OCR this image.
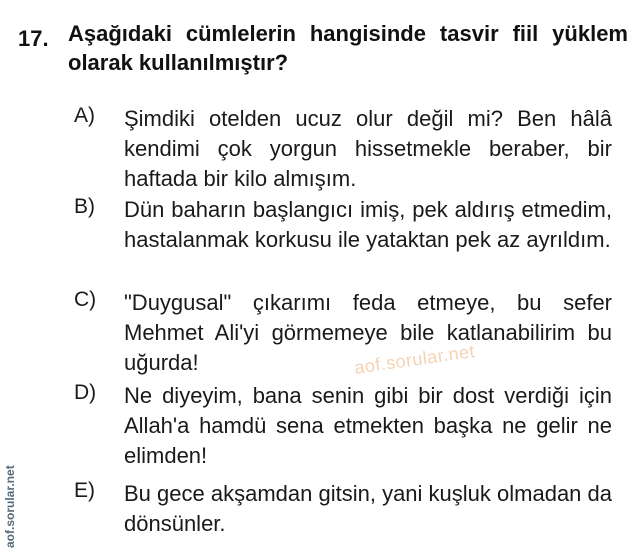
17. Aşağıdaki cümlelerin hangisinde tasvir fiil yüklem olarak kullanılmıştır?
A) Şimdiki otelden ucuz olur değil mi? Ben hâlâ kendimi çok yorgun hissetmekle beraber, bir haftada bir kilo almışım.
B) Dün baharın başlangıcı imiş, pek aldırış etmedim, hastalanmak korkusu ile yataktan pek az ayrıldım.
C) "Duygusal" çıkarımı feda etmeye, bu sefer Mehmet Ali'yi görmemeye bile katlanabilirim bu uğurda!
D) Ne diyeyim, bana senin gibi bir dost verdiği için Allah'a hamdü sena etmekten başka ne gelir ne elimden!
E) Bu gece akşamdan gitsin, yani kuşluk olmadan da dönsünler.
aof.sorular.net
aof.sorular.net
